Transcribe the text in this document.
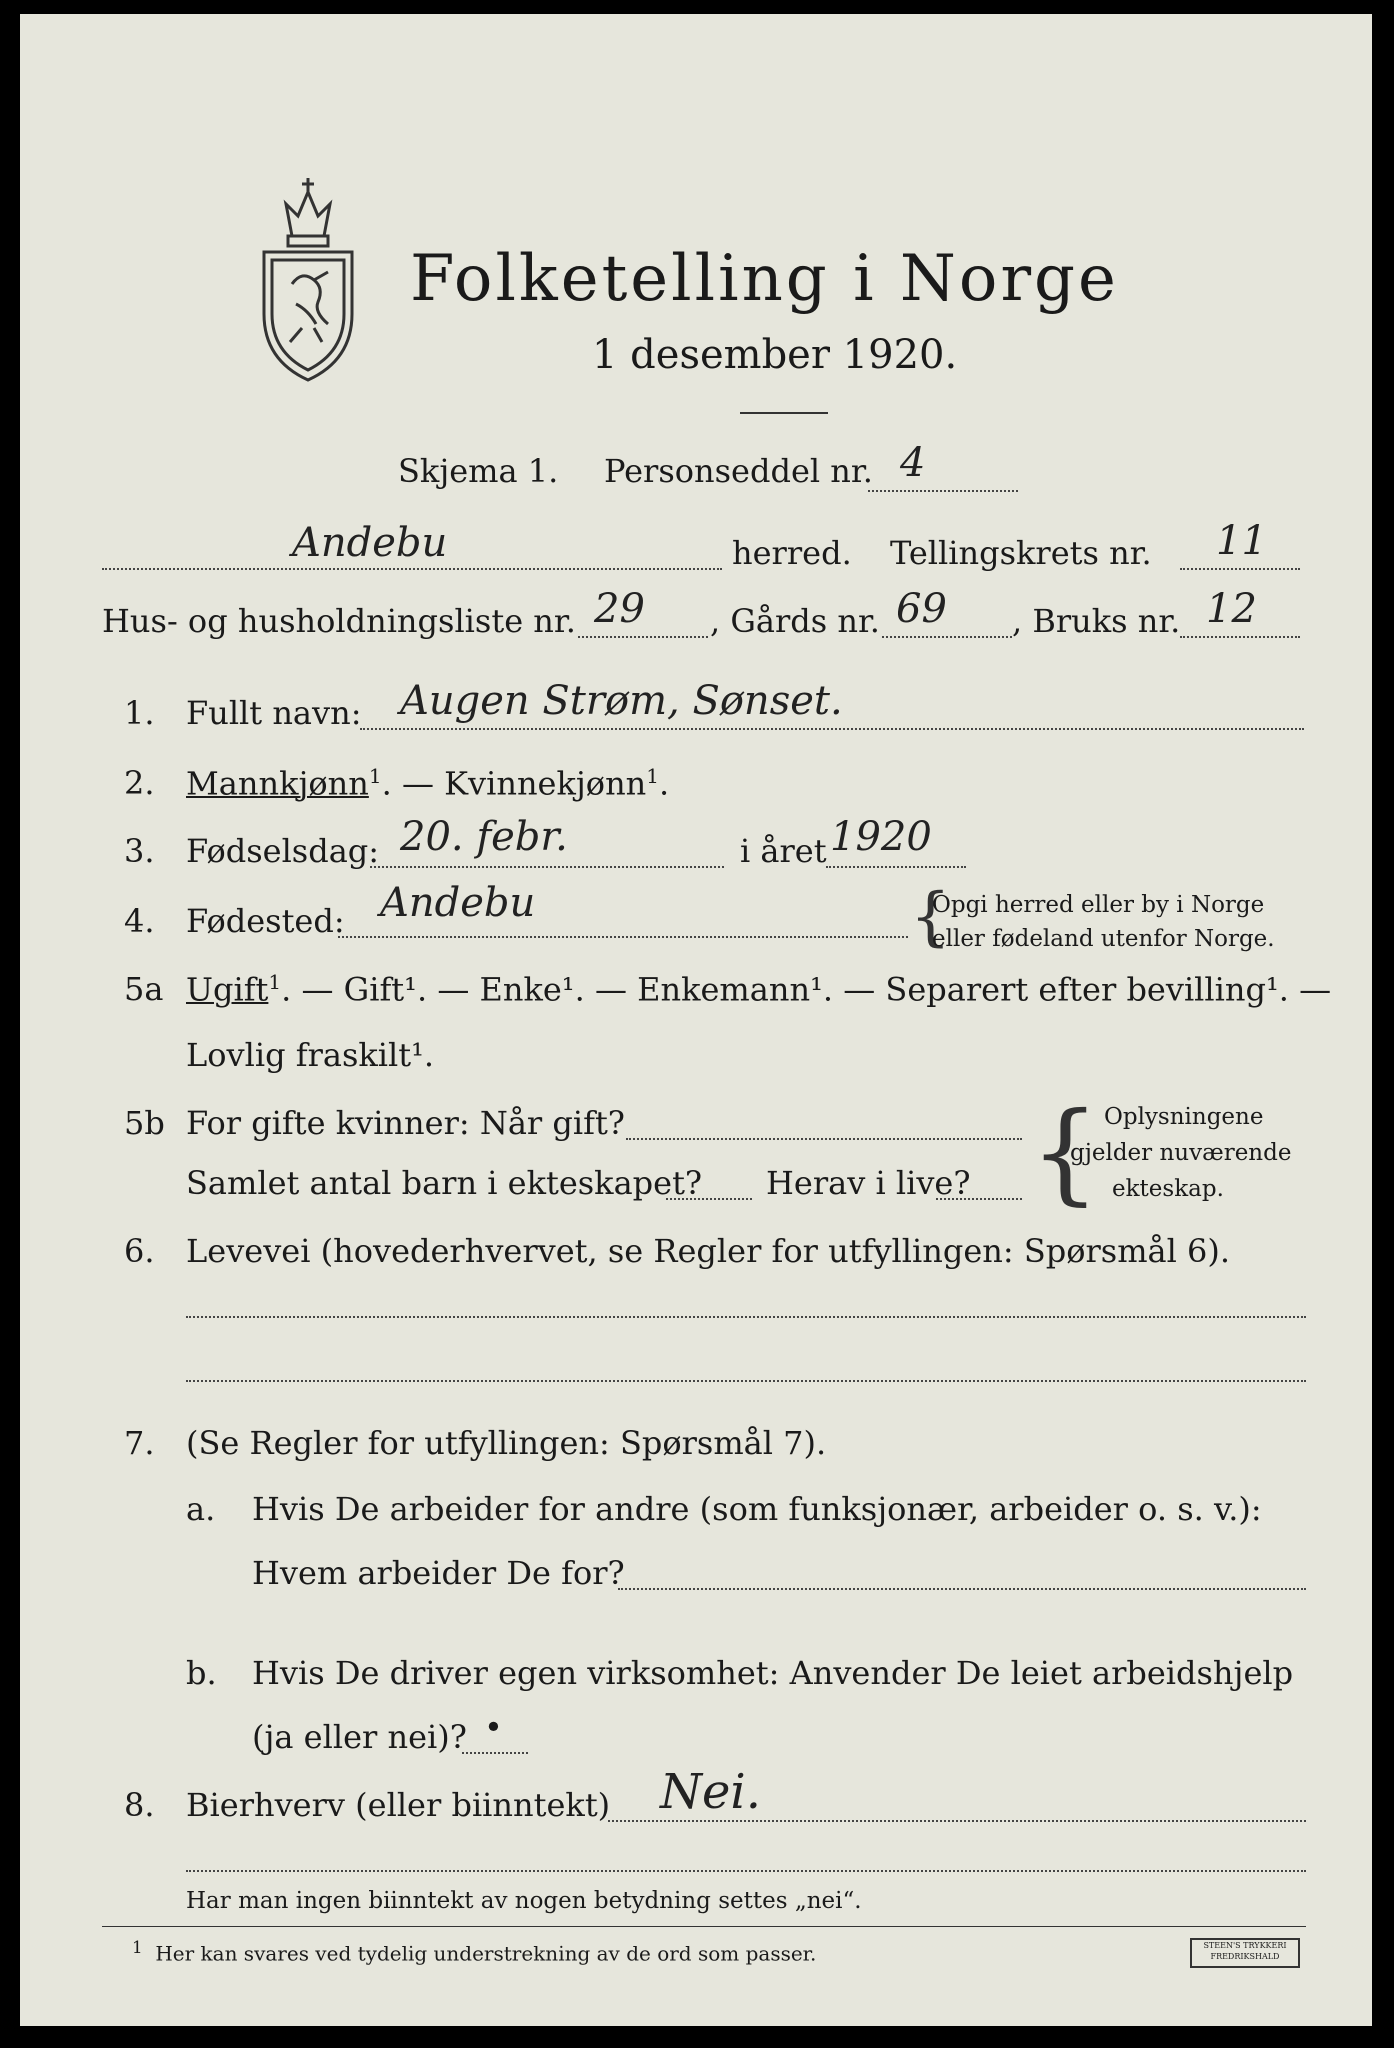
Folketelling i Norge
1 desember 1920.
Skjema 1. Personseddel nr. 4
Andebu	herred. Tellingskrets nr. 11
Hus- og husholdningsliste nr. 29 , Gårds nr. 69 , Bruks nr. 12
1. Fullt navn: Augen Strøm, Sønset.
2. Mannkjønn$^1$. — Kvinnekjønn$^1$.
3. Fødselsdag: 20. febr.	i året 1920
4. Fødested: Andebu	{
Opgi herred eller by i Norge
eller fødeland utenfor Norge.
5a Ugift$^1$. — Gift¹. — Enke¹. — Enkemann¹. — Separert efter bevilling¹. —
Lovlig fraskilt¹.
5b For gifte kvinner: Når gift?
Samlet antal barn i ekteskapet? Herav i live? { Oplysningene
gjelder nuværende
ekteskap.
6. Levevei (hovederhvervet, se Regler for utfyllingen: Spørsmål 6).
7. (Se Regler for utfyllingen: Spørsmål 7).
a. Hvis De arbeider for andre (som funksjonær, arbeider o. s. v.):
Hvem arbeider De for?
b. Hvis De driver egen virksomhet: Anvender De leiet arbeidshjelp
(ja eller nei)? •
8. Bierhverv (eller biinntekt) Nei.
Har man ingen biinntekt av nogen betydning settes „nei“.
$^1$ Her kan svares ved tydelig understrekning av de ord som passer.	STEEN'S TRYKKERI FREDRIKSHALD
